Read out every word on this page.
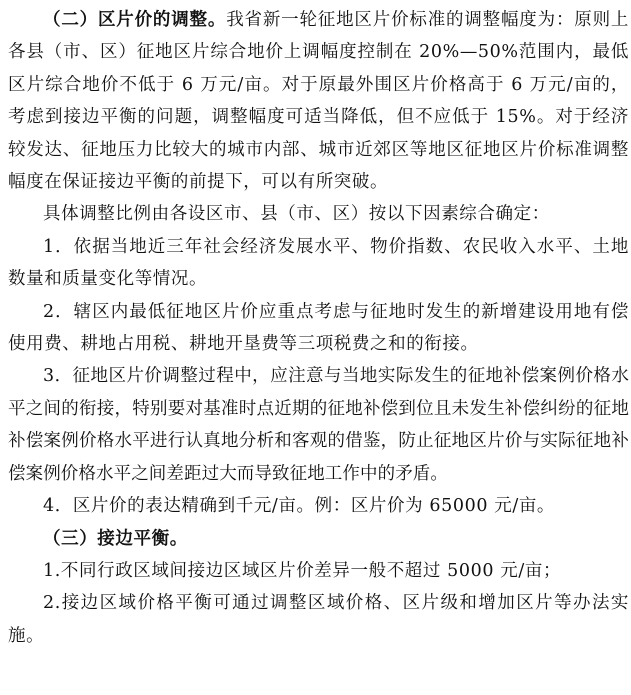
（二）区片价的调整。我省新一轮征地区片价标准的调整幅度为：原则上各县（市、区）征地区片综合地价上调幅度控制在 20%—50%范围内，最低区片综合地价不低于 6 万元/亩。对于原最外围区片价格高于 6 万元/亩的，考虑到接边平衡的问题，调整幅度可适当降低，但不应低于 15%。对于经济较发达、征地压力比较大的城市内部、城市近郊区等地区征地区片价标准调整幅度在保证接边平衡的前提下，可以有所突破。

具体调整比例由各设区市、县（市、区）按以下因素综合确定：

1．依据当地近三年社会经济发展水平、物价指数、农民收入水平、土地数量和质量变化等情况。

2．辖区内最低征地区片价应重点考虑与征地时发生的新增建设用地有偿使用费、耕地占用税、耕地开垦费等三项税费之和的衔接。

3．征地区片价调整过程中，应注意与当地实际发生的征地补偿案例价格水平之间的衔接，特别要对基准时点近期的征地补偿到位且未发生补偿纠纷的征地补偿案例价格水平进行认真地分析和客观的借鉴，防止征地区片价与实际征地补偿案例价格水平之间差距过大而导致征地工作中的矛盾。

4．区片价的表达精确到千元/亩。例：区片价为 65000 元/亩。

（三）接边平衡。

1.不同行政区域间接边区域区片价差异一般不超过 5000 元/亩；

2.接边区域价格平衡可通过调整区域价格、区片级和增加区片等办法实施。
